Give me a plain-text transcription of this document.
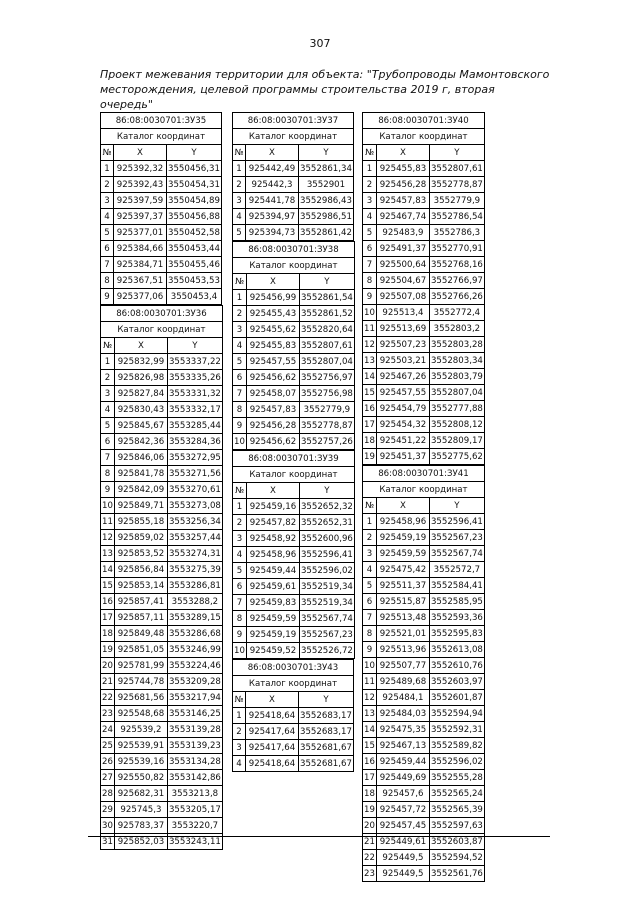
307
Проект межевания территории для объекта: "Трубопроводы Мамонтовского
месторождения, целевой программы строительства 2019 г, вторая очередь"
86:08:0030701:ЗУ35		
Каталог координат		
№	X	Y
1	925392,32	3550456,31
2	925392,43	3550454,31
3	925397,59	3550454,89
4	925397,37	3550456,88
5	925377,01	3550452,58
6	925384,66	3550453,44
7	925384,71	3550455,46
8	925367,51	3550453,53
9	925377,06	3550453,4
86:08:0030701:ЗУ36		
Каталог координат		
№	X	Y
1	925832,99	3553337,22
2	925826,98	3553335,26
3	925827,84	3553331,32
4	925830,43	3553332,17
5	925845,67	3553285,44
6	925842,36	3553284,36
7	925846,06	3553272,95
8	925841,78	3553271,56
9	925842,09	3553270,61
10	925849,71	3553273,08
11	925855,18	3553256,34
12	925859,02	3553257,44
13	925853,52	3553274,31
14	925856,84	3553275,39
15	925853,14	3553286,81
16	925857,41	3553288,2
17	925857,11	3553289,15
18	925849,48	3553286,68
19	925851,05	3553246,99
20	925781,99	3553224,46
21	925744,78	3553209,28
22	925681,56	3553217,94
23	925548,68	3553146,25
24	925539,2	3553139,28
25	925539,91	3553139,23
26	925539,16	3553134,28
27	925550,82	3553142,86
28	925682,31	3553213,8
29	925745,3	3553205,17
30	925783,37	3553220,7
31	925852,03	3553243,11
86:08:0030701:ЗУ37		
Каталог координат		
№	X	Y
1	925442,49	3552861,34
2	925442,3	3552901
3	925441,78	3552986,43
4	925394,97	3552986,51
5	925394,73	3552861,42
86:08:0030701:ЗУ38		
Каталог координат		
№	X	Y
1	925456,99	3552861,54
2	925455,43	3552861,52
3	925455,62	3552820,64
4	925455,83	3552807,61
5	925457,55	3552807,04
6	925456,62	3552756,97
7	925458,07	3552756,98
8	925457,83	3552779,9
9	925456,28	3552778,87
10	925456,62	3552757,26
86:08:0030701:ЗУ39		
Каталог координат		
№	X	Y
1	925459,16	3552652,32
2	925457,82	3552652,31
3	925458,92	3552600,96
4	925458,96	3552596,41
5	925459,44	3552596,02
6	925459,61	3552519,34
7	925459,83	3552519,34
8	925459,59	3552567,74
9	925459,19	3552567,23
10	925459,52	3552526,72
86:08:0030701:ЗУ43		
Каталог координат		
№	X	Y
1	925418,64	3552683,17
2	925417,64	3552683,17
3	925417,64	3552681,67
4	925418,64	3552681,67
86:08:0030701:ЗУ40		
Каталог координат		
№	X	Y
1	925455,83	3552807,61
2	925456,28	3552778,87
3	925457,83	3552779,9
4	925467,74	3552786,54
5	925483,9	3552786,3
6	925491,37	3552770,91
7	925500,64	3552768,16
8	925504,67	3552766,97
9	925507,08	3552766,26
10	925513,4	3552772,4
11	925513,69	3552803,2
12	925507,23	3552803,28
13	925503,21	3552803,34
14	925467,26	3552803,79
15	925457,55	3552807,04
16	925454,79	3552777,88
17	925454,32	3552808,12
18	925451,22	3552809,17
19	925451,37	3552775,62
86:08:0030701:ЗУ41		
Каталог координат		
№	X	Y
1	925458,96	3552596,41
2	925459,19	3552567,23
3	925459,59	3552567,74
4	925475,42	3552572,7
5	925511,37	3552584,41
6	925515,87	3552585,95
7	925513,48	3552593,36
8	925521,01	3552595,83
9	925513,96	3552613,08
10	925507,77	3552610,76
11	925489,68	3552603,97
12	925484,1	3552601,87
13	925484,03	3552594,94
14	925475,35	3552592,31
15	925467,13	3552589,82
16	925459,44	3552596,02
17	925449,69	3552555,28
18	925457,6	3552565,24
19	925457,72	3552565,39
20	925457,45	3552597,63
21	925449,61	3552603,87
22	925449,5	3552594,52
23	925449,5	3552561,76
